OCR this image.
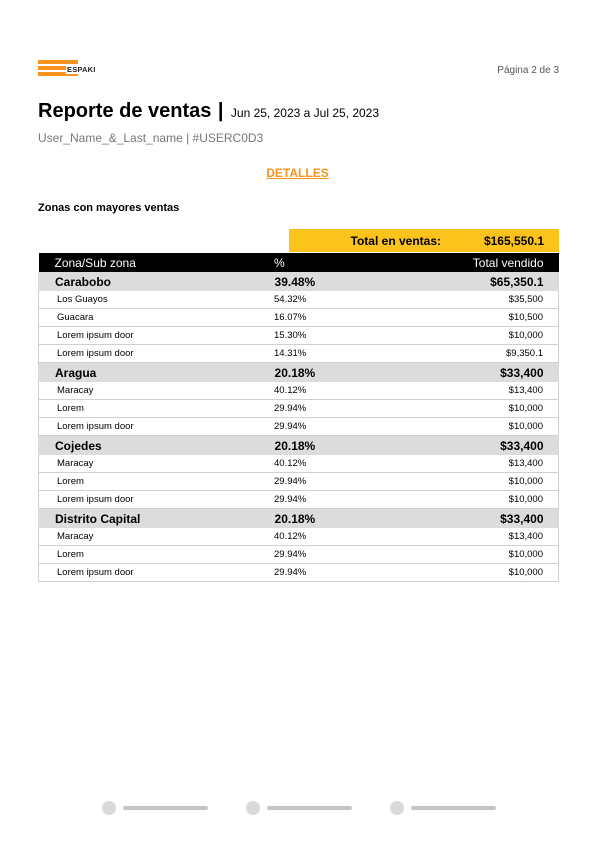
ESPAKI	Página 2 de 3
Reporte de ventas | Jun 25, 2023 a Jul 25, 2023
User_Name_&_Last_name | #USERC0D3
DETALLES
Zonas con mayores ventas
Total en ventas:	$165,550.1
Zona/Sub zona	%	Total vendido
Carabobo	39.48%	$65,350.1
Los Guayos	54.32%	$35,500
Guacara	16.07%	$10,500
Lorem ipsum door	15.30%	$10,000
Lorem ipsum door	14.31%	$9,350.1
Aragua	20.18%	$33,400
Maracay	40.12%	$13,400
Lorem	29.94%	$10,000
Lorem ipsum door	29.94%	$10,000
Cojedes	20.18%	$33,400
Maracay	40.12%	$13,400
Lorem	29.94%	$10,000
Lorem ipsum door	29.94%	$10,000
Distrito Capital	20.18%	$33,400
Maracay	40.12%	$13,400
Lorem	29.94%	$10,000
Lorem ipsum door	29.94%	$10,000
